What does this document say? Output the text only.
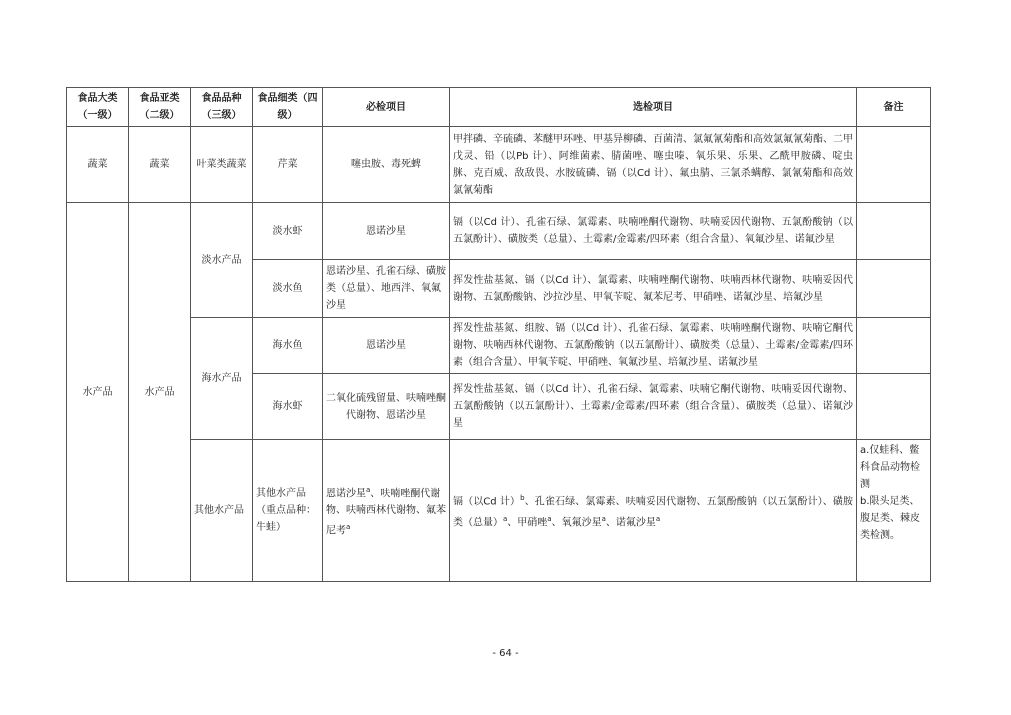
食品大类（一级）	食品亚类（二级）	食品品种（三级）	食品细类（四级）	必检项目	选检项目	备注
蔬菜	蔬菜	叶菜类蔬菜	芹菜	噻虫胺、毒死蜱	甲拌磷、辛硫磷、苯醚甲环唑、甲基异柳磷、百菌清、氯氟氰菊酯和高效氯氟氰菊酯、二甲戊灵、铅（以Pb 计）、阿维菌素、腈菌唑、噻虫嗪、氧乐果、乐果、乙酰甲胺磷、啶虫脒、克百威、敌敌畏、水胺硫磷、镉（以Cd 计）、氟虫腈、三氯杀螨醇、氯氰菊酯和高效氯氰菊酯	
水产品	水产品	淡水产品	淡水虾	恩诺沙星	镉（以Cd 计）、孔雀石绿、氯霉素、呋喃唑酮代谢物、呋喃妥因代谢物、五氯酚酸钠（以五氯酚计）、磺胺类（总量）、土霉素/金霉素/四环素（组合含量）、氧氟沙星、诺氟沙星	
			淡水鱼	恩诺沙星、孔雀石绿、磺胺类（总量）、地西泮、氧氟沙星	挥发性盐基氮、镉（以Cd 计）、氯霉素、呋喃唑酮代谢物、呋喃西林代谢物、呋喃妥因代谢物、五氯酚酸钠、沙拉沙星、甲氧苄啶、氟苯尼考、甲硝唑、诺氟沙星、培氟沙星	
		海水产品	海水鱼	恩诺沙星	挥发性盐基氮、组胺、镉（以Cd 计）、孔雀石绿、氯霉素、呋喃唑酮代谢物、呋喃它酮代谢物、呋喃西林代谢物、五氯酚酸钠（以五氯酚计）、磺胺类（总量）、土霉素/金霉素/四环素（组合含量）、甲氧苄啶、甲硝唑、氧氟沙星、培氟沙星、诺氟沙星	
			海水虾	二氧化硫残留量、呋喃唑酮代谢物、恩诺沙星	挥发性盐基氮、镉（以Cd 计）、孔雀石绿、氯霉素、呋喃它酮代谢物、呋喃妥因代谢物、五氯酚酸钠（以五氯酚计）、土霉素/金霉素/四环素（组合含量）、磺胺类（总量）、诺氟沙星	
		其他水产品	其他水产品（重点品种：牛蛙）	恩诺沙星$^a$、呋喃唑酮代谢物、呋喃西林代谢物、氟苯尼考$^a$	镉（以Cd 计）$^b$、孔雀石绿、氯霉素、呋喃妥因代谢物、五氯酚酸钠（以五氯酚计）、磺胺类（总量）$^a$、甲硝唑$^a$、氧氟沙星$^a$、诺氟沙星$^a$	a.仅蛙科、鳖科食品动物检测
b.限头足类、腹足类、棘皮类检测。
- 64 -
